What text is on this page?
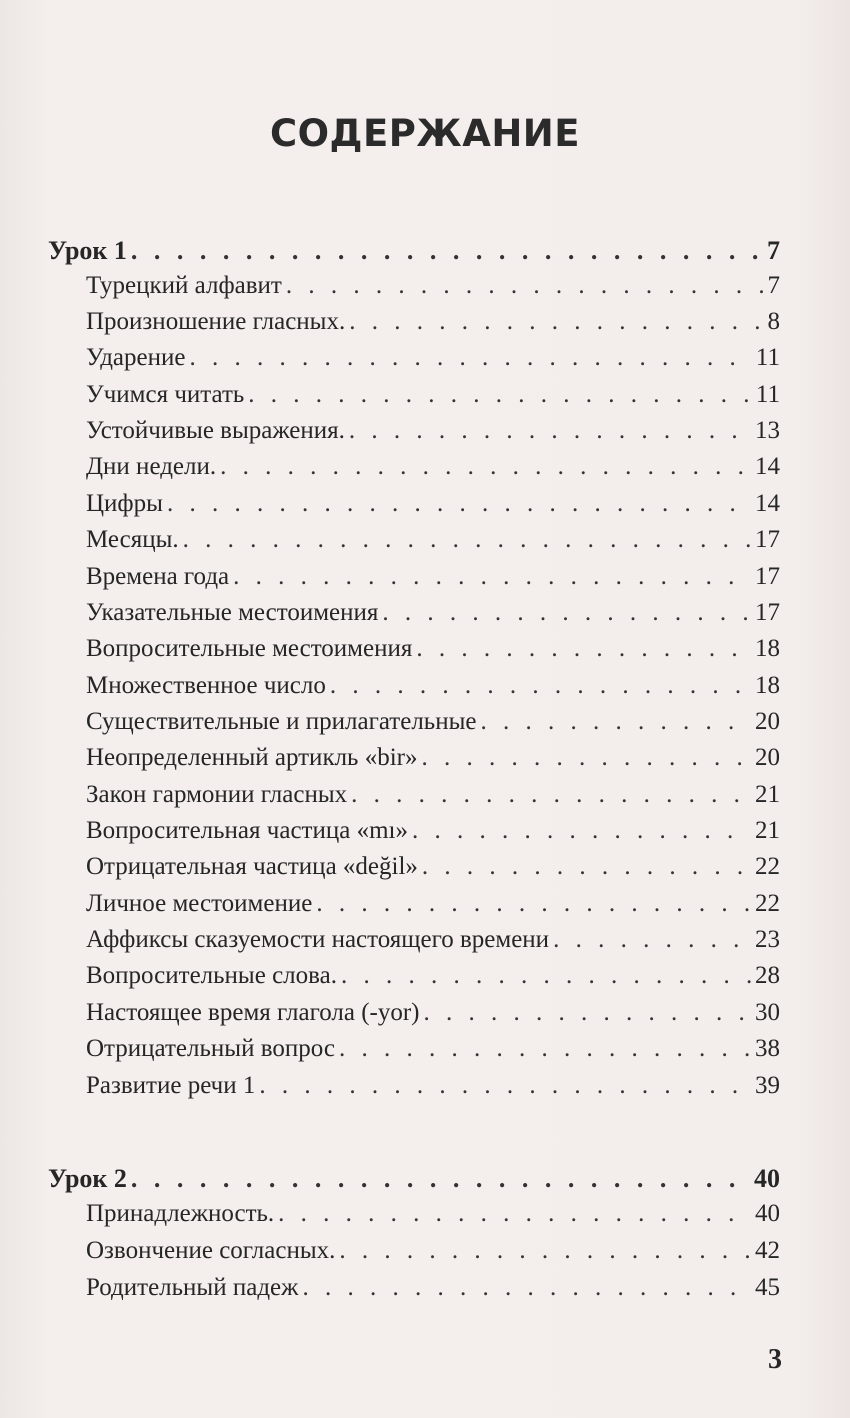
СОДЕРЖАНИЕ
Урок 1 . . .	7
Турецкий алфавит . . .	7
Произношение гласных. . . .	8
Ударение . . .	11
Учимся читать . . .	11
Устойчивые выражения. . . .	13
Дни недели. . . .	14
Цифры . . .	14
Месяцы. . . .	17
Времена года . . .	17
Указательные местоимения . . .	17
Вопросительные местоимения . . .	18
Множественное число . . .	18
Существительные и прилагательные . . .	20
Неопределенный артикль «bir» . . .	20
Закон гармонии гласных . . .	21
Вопросительная частица «mı» . . .	21
Отрицательная частица «değil» . . .	22
Личное местоимение . . .	22
Аффиксы сказуемости настоящего времени . . .	23
Вопросительные слова. . . .	28
Настоящее время глагола (-yor) . . .	30
Отрицательный вопрос . . .	38
Развитие речи 1 . . .	39
Урок 2 . . .	40
Принадлежность. . . .	40
Озвончение согласных. . . .	42
Родительный падеж . . .	45
3
